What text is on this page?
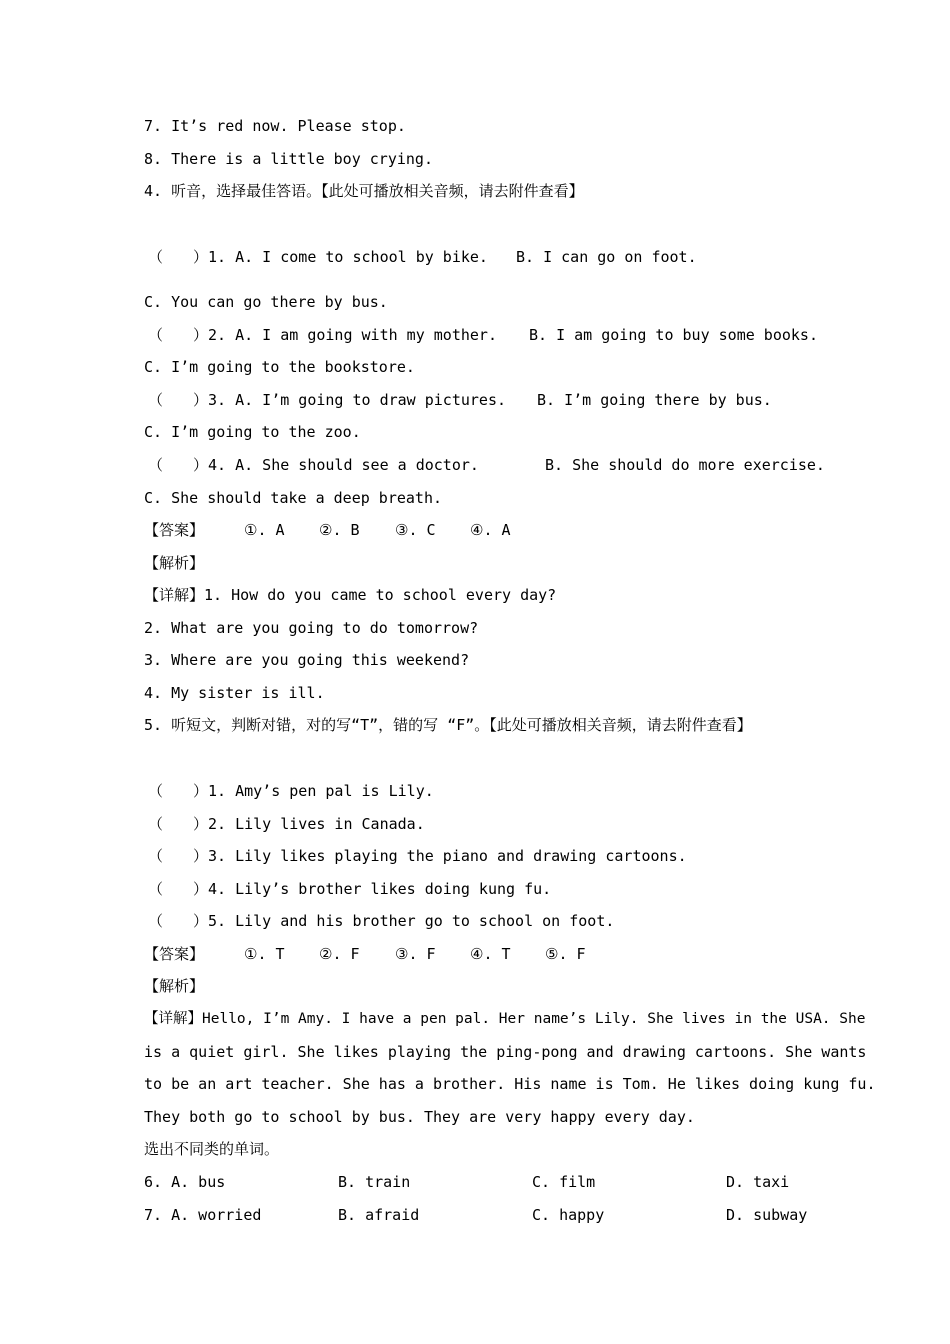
7. It’s red now. Please stop.
8. There is a little boy crying.
4. 听音，选择最佳答语。【此处可播放相关音频，请去附件查看】
（　　）1. A. I come to school by bike. B. I can go on foot.
C. You can go there by bus.
（　　）2. A. I am going with my mother. B. I am going to buy some books.
C. I’m going to the bookstore.
（　　）3. A. I’m going to draw pictures. B. I’m going there by bus.
C. I’m going to the zoo.
（　　）4. A. She should see a doctor.	B. She should do more exercise.
C. She should take a deep breath.
【答案】	①. A ②. B ③. C ④. A
【解析】
【详解】1. How do you came to school every day?
2. What are you going to do tomorrow?
3. Where are you going this weekend?
4. My sister is ill.
5. 听短文，判断对错，对的写“T”，错的写 “F”。【此处可播放相关音频，请去附件查看】
（　　）1. Amy’s pen pal is Lily.
（　　）2. Lily lives in Canada.
（　　）3. Lily likes playing the piano and drawing cartoons.
（　　）4. Lily’s brother likes doing kung fu.
（　　）5. Lily and his brother go to school on foot.
【答案】	①. T ②. F ③. F ④. T ⑤. F
【解析】
【详解】Hello, I’m Amy. I have a pen pal. Her name’s Lily. She lives in the USA. She
is a quiet girl. She likes playing the ping-pong and drawing cartoons. She wants
to be an art teacher. She has a brother. His name is Tom. He likes doing kung fu.
They both go to school by bus. They are very happy every day.
选出不同类的单词。
6. A. bus	B. train	C. film	D. taxi
7. A. worried	B. afraid	C. happy	D. subway
